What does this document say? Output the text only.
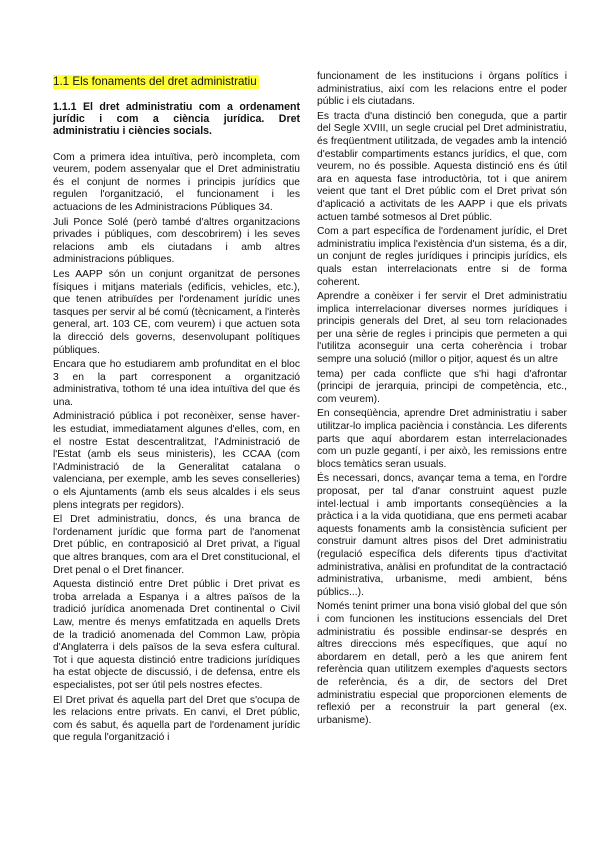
1.1 Els fonaments del dret administratiu
1.1.1 El dret administratiu com a ordenament jurídic i com a ciència jurídica. Dret administratiu i ciències socials.

Com a primera idea intuïtiva, però incompleta, com veurem, podem assenyalar que el Dret administratiu és el conjunt de normes i principis jurídics que regulen l'organització, el funcionament i les actuacions de les Administracions Públiques 34.

Juli Ponce Solé (però també d'altres organitzacions privades i públiques, com descobrirem) i les seves relacions amb els ciutadans i amb altres administracions públiques.

Les AAPP són un conjunt organitzat de persones físiques i mitjans materials (edificis, vehicles, etc.), que tenen atribuïdes per l'ordenament jurídic unes tasques per servir al bé comú (tècnicament, a l'interès general, art. 103 CE, com veurem) i que actuen sota la direcció dels governs, desenvolupant polítiques públiques.

Encara que ho estudiarem amb profunditat en el bloc 3 en la part corresponent a organització administrativa, tothom té una idea intuïtiva del que és una.

Administració pública i pot reconèixer, sense haver-les estudiat, immediatament algunes d'elles, com, en el nostre Estat descentralitzat, l'Administració de l'Estat (amb els seus ministeris), les CCAA (com l'Administració de la Generalitat catalana o valenciana, per exemple, amb les seves conselleries) o els Ajuntaments (amb els seus alcaldes i els seus plens integrats per regidors).

El Dret administratiu, doncs, és una branca de l'ordenament jurídic que forma part de l'anomenat Dret públic, en contraposició al Dret privat, a l'igual que altres branques, com ara el Dret constitucional, el Dret penal o el Dret financer.

Aquesta distinció entre Dret públic i Dret privat es troba arrelada a Espanya i a altres països de la tradició jurídica anomenada Dret continental o Civil Law, mentre és menys emfatitzada en aquells Drets de la tradició anomenada del Common Law, pròpia d'Anglaterra i dels països de la seva esfera cultural. Tot i que aquesta distinció entre tradicions jurídiques ha estat objecte de discussió, i de defensa, entre els especialistes, pot ser útil pels nostres efectes.

El Dret privat és aquella part del Dret que s'ocupa de les relacions entre privats. En canvi, el Dret públic, com és sabut, és aquella part de l'ordenament jurídic que regula l'organització i

funcionament de les institucions i òrgans polítics i administratius, així com les relacions entre el poder públic i els ciutadans.

Es tracta d'una distinció ben coneguda, que a partir del Segle XVIII, un segle crucial pel Dret administratiu, és freqüentment utilitzada, de vegades amb la intenció d'establir compartiments estancs jurídics, el que, com veurem, no és possible. Aquesta distinció ens és útil ara en aquesta fase introductòria, tot i que anirem veient que tant el Dret públic com el Dret privat són d'aplicació a activitats de les AAPP i que els privats actuen també sotmesos al Dret públic.

Com a part específica de l'ordenament jurídic, el Dret administratiu implica l'existència d'un sistema, és a dir, un conjunt de regles jurídiques i principis jurídics, els quals estan interrelacionats entre si de forma coherent.

Aprendre a conèixer i fer servir el Dret administratiu implica interrelacionar diverses normes jurídiques i principis generals del Dret, al seu torn relacionades per una sèrie de regles i principis que permeten a qui l'utilitza aconseguir una certa coherència i trobar sempre una solució (millor o pitjor, aquest és un altre

tema) per cada conflicte que s'hi hagi d'afrontar (principi de jerarquia, principi de competència, etc., com veurem).

En conseqüència, aprendre Dret administratiu i saber utilitzar-lo implica paciència i constància. Les diferents parts que aquí abordarem estan interrelacionades com un puzle gegantí, i per això, les remissions entre blocs temàtics seran usuals.

És necessari, doncs, avançar tema a tema, en l'ordre proposat, per tal d'anar construint aquest puzle intel·lectual i amb importants conseqüències a la pràctica i a la vida quotidiana, que ens permeti acabar aquests fonaments amb la consistència suficient per construir damunt altres pisos del Dret administratiu (regulació específica dels diferents tipus d'activitat administrativa, anàlisi en profunditat de la contractació administrativa, urbanisme, medi ambient, béns públics...).

Només tenint primer una bona visió global del que són i com funcionen les institucions essencials del Dret administratiu és possible endinsar-se després en altres direccions més específiques, que aquí no abordarem en detall, però a les que anirem fent referència quan utilitzem exemples d'aquests sectors de referència, és a dir, de sectors del Dret administratiu especial que proporcionen elements de reflexió per a reconstruir la part general (ex. urbanisme).
